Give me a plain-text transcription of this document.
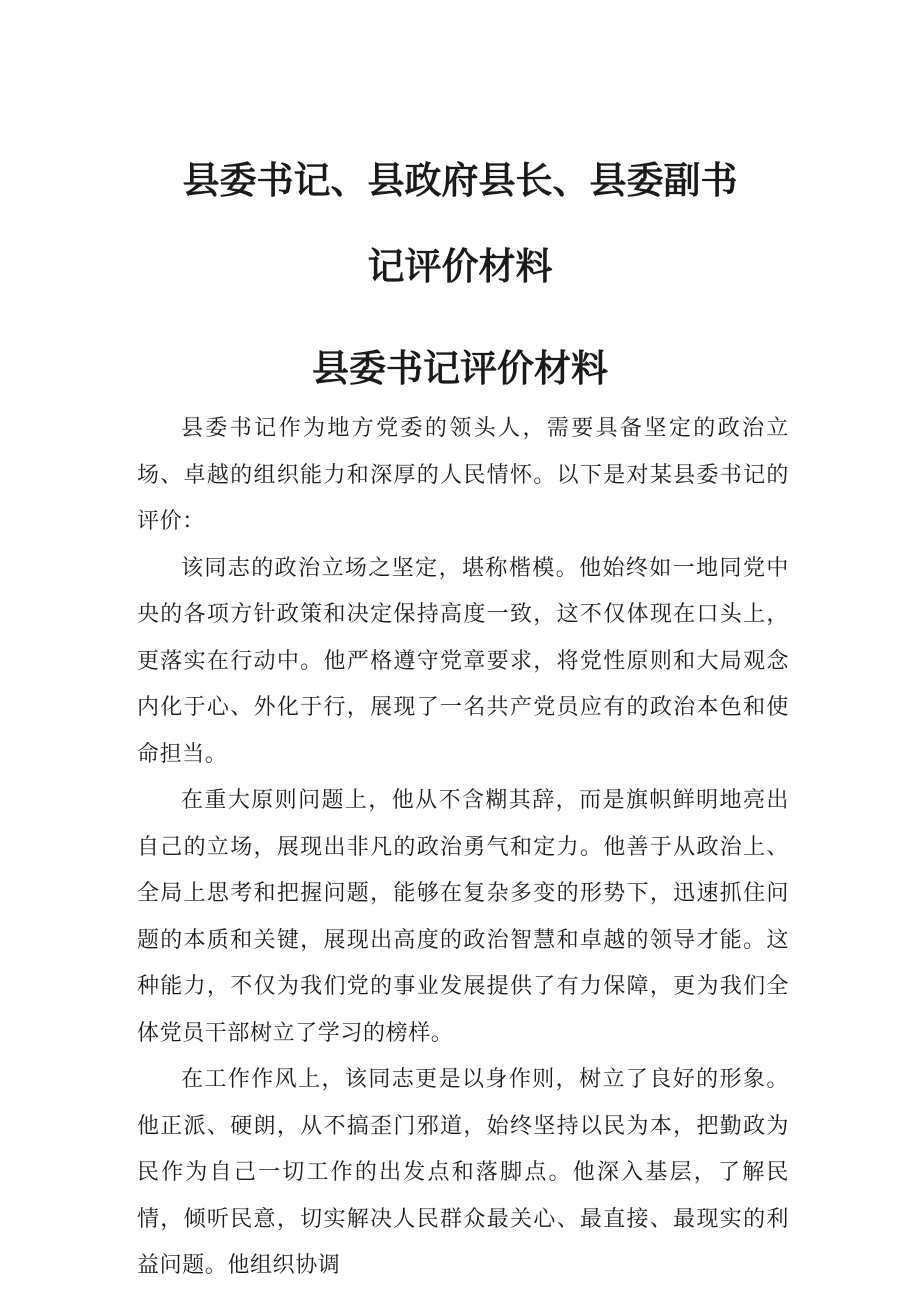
县委书记、县政府县长、县委副书
记评价材料
县委书记评价材料

县委书记作为地方党委的领头人，需要具备坚定的政治立场、卓越的组织能力和深厚的人民情怀。以下是对某县委书记的评价：

该同志的政治立场之坚定，堪称楷模。他始终如一地同党中央的各项方针政策和决定保持高度一致，这不仅体现在口头上，更落实在行动中。他严格遵守党章要求，将党性原则和大局观念内化于心、外化于行，展现了一名共产党员应有的政治本色和使命担当。

在重大原则问题上，他从不含糊其辞，而是旗帜鲜明地亮出自己的立场，展现出非凡的政治勇气和定力。他善于从政治上、全局上思考和把握问题，能够在复杂多变的形势下，迅速抓住问题的本质和关键，展现出高度的政治智慧和卓越的领导才能。这种能力，不仅为我们党的事业发展提供了有力保障，更为我们全体党员干部树立了学习的榜样。

在工作作风上，该同志更是以身作则，树立了良好的形象。他正派、硬朗，从不搞歪门邪道，始终坚持以民为本，把勤政为民作为自己一切工作的出发点和落脚点。他深入基层，了解民情，倾听民意，切实解决人民群众最关心、最直接、最现实的利益问题。他组织协调
